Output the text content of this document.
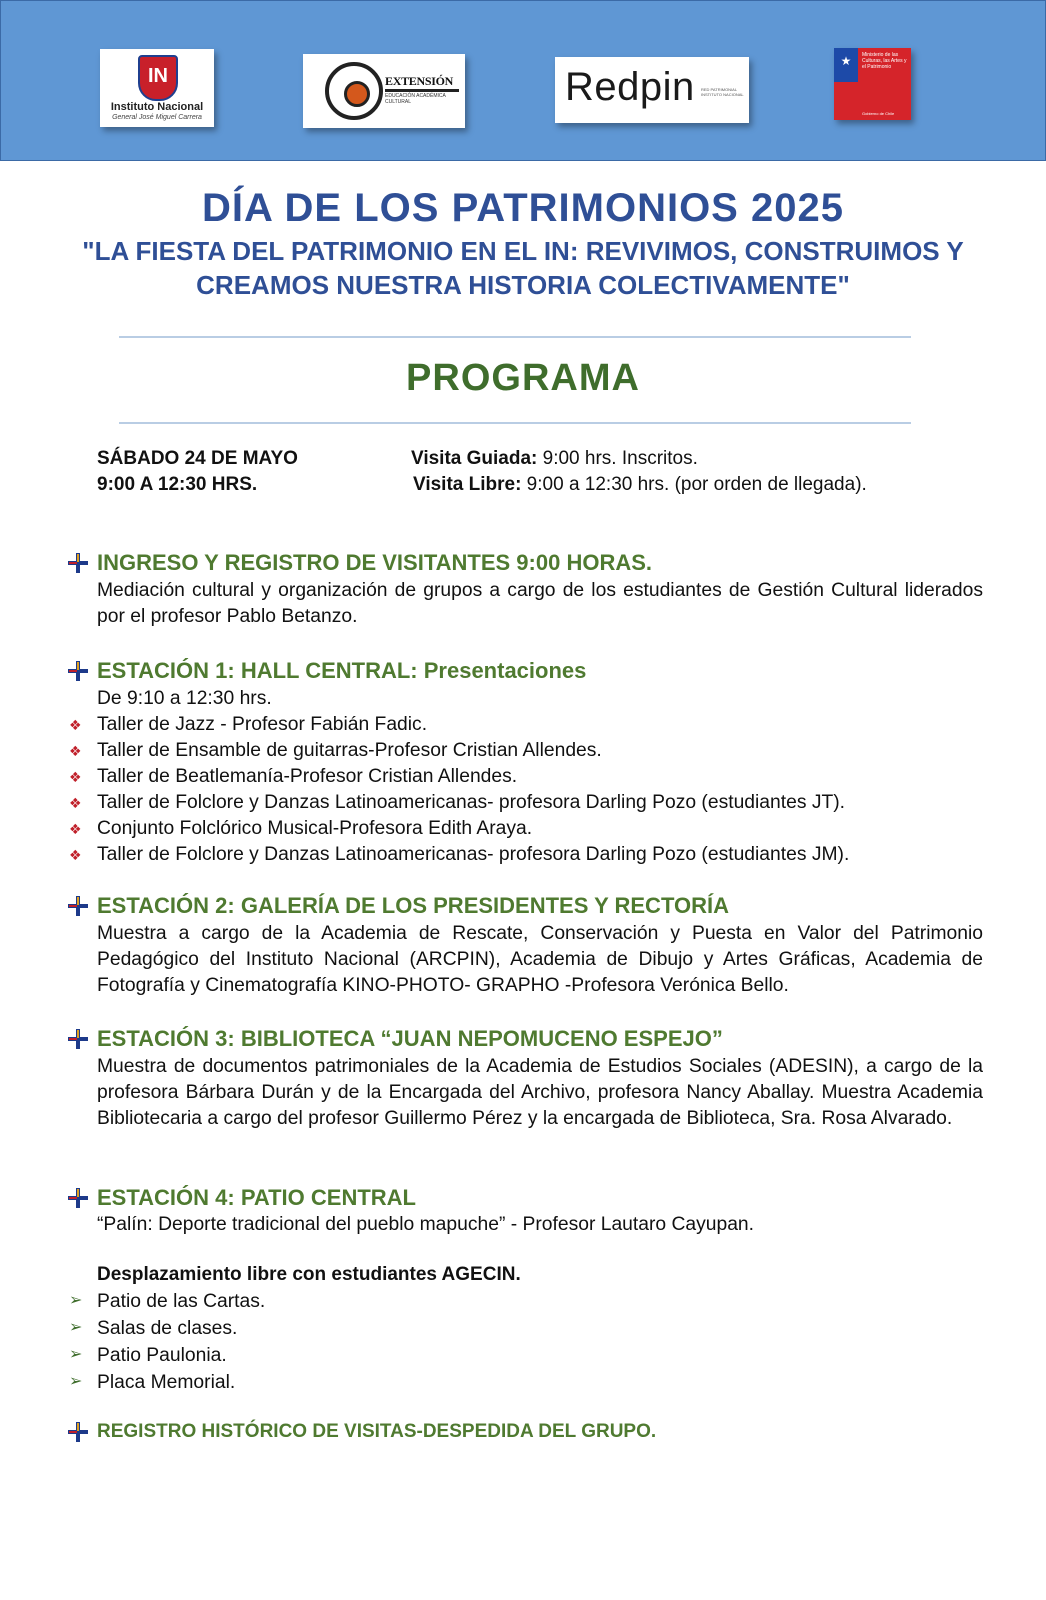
IN
Instituto Nacional
General José Miguel Carrera
EXTENSIÓN
EDUCACIÓN ACADÉMICA CULTURAL	Redpin RED PATRIMONIAL INSTITUTO NACIONAL
★	Ministerio de las Culturas, las Artes y el Patrimonio
Gobierno de Chile
DÍA DE LOS PATRIMONIOS 2025
"LA FIESTA DEL PATRIMONIO EN EL IN: REVIVIMOS, CONSTRUIMOS Y
CREAMOS NUESTRA HISTORIA COLECTIVAMENTE"
PROGRAMA
SÁBADO 24 DE MAYO
9:00 A 12:30 HRS.
Visita Guiada: 9:00 hrs. Inscritos.
Visita Libre: 9:00 a 12:30 hrs. (por orden de llegada).
INGRESO Y REGISTRO DE VISITANTES 9:00 HORAS.
Mediación cultural y organización de grupos a cargo de los estudiantes de Gestión Cultural liderados por el profesor Pablo Betanzo.
ESTACIÓN 1: HALL CENTRAL: Presentaciones
De 9:10 a 12:30 hrs.
❖ Taller de Jazz - Profesor Fabián Fadic.
❖ Taller de Ensamble de guitarras-Profesor Cristian Allendes.
❖ Taller de Beatlemanía-Profesor Cristian Allendes.
❖ Taller de Folclore y Danzas Latinoamericanas- profesora Darling Pozo (estudiantes JT).
❖ Conjunto Folclórico Musical-Profesora Edith Araya.
❖ Taller de Folclore y Danzas Latinoamericanas- profesora Darling Pozo (estudiantes JM).
ESTACIÓN 2: GALERÍA DE LOS PRESIDENTES Y RECTORÍA
Muestra a cargo de la Academia de Rescate, Conservación y Puesta en Valor del Patrimonio Pedagógico del Instituto Nacional (ARCPIN), Academia de Dibujo y Artes Gráficas, Academia de Fotografía y Cinematografía KINO-PHOTO- GRAPHO -Profesora Verónica Bello.
ESTACIÓN 3: BIBLIOTECA “JUAN NEPOMUCENO ESPEJO”
Muestra de documentos patrimoniales de la Academia de Estudios Sociales (ADESIN), a cargo de la profesora Bárbara Durán y de la Encargada del Archivo, profesora Nancy Aballay. Muestra Academia Bibliotecaria a cargo del profesor Guillermo Pérez y la encargada de Biblioteca, Sra. Rosa Alvarado.
ESTACIÓN 4: PATIO CENTRAL
“Palín: Deporte tradicional del pueblo mapuche” - Profesor Lautaro Cayupan.
Desplazamiento libre con estudiantes AGECIN.
➢ Patio de las Cartas.
➢ Salas de clases.
➢ Patio Paulonia.
➢ Placa Memorial.
REGISTRO HISTÓRICO DE VISITAS-DESPEDIDA DEL GRUPO.
